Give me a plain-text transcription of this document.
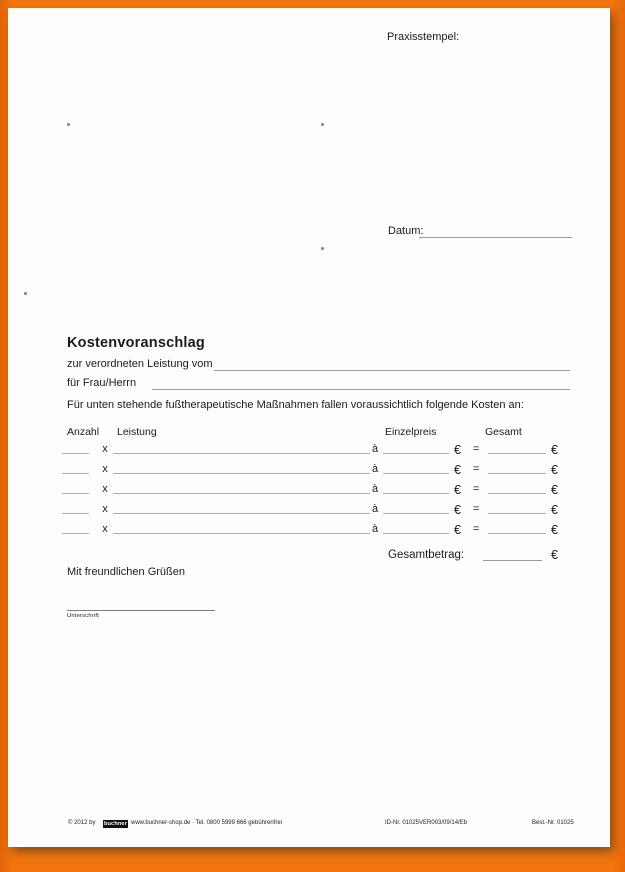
Praxisstempel:
Datum:
Kostenvoranschlag
zur verordneten Leistung vom
für Frau/Herrn
Für unten stehende fußtherapeutische Maßnahmen fallen voraussichtlich folgende Kosten an:
Anzahl Leistung	Einzelpreis	Gesamt
x	à	€ =	€
x	à	€ =	€
x	à	€ =	€
x	à	€ =	€
x	à	€ =	€
Gesamtbetrag:	€
Mit freundlichen Grüßen
Unterschrift
© 2012 by buchner www.buchner-shop.de · Tel. 0800 5999 666 gebührenfrei	ID-Nr. 01025VER003/09/14/Eb	Best.-Nr. 01025
